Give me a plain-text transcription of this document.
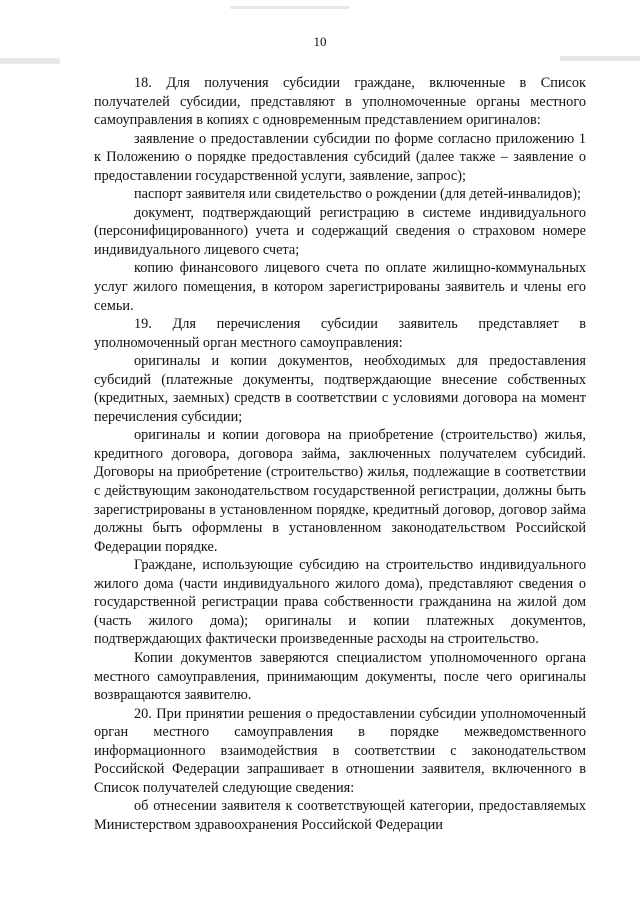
10

18. Для получения субсидии граждане, включенные в Список получателей субсидии, представляют в уполномоченные органы местного самоуправления в копиях с одновременным представлением оригиналов:

заявление о предоставлении субсидии по форме согласно приложению 1 к Положению о порядке предоставления субсидий (далее также – заявление о предоставлении государственной услуги, заявление, запрос);

паспорт заявителя или свидетельство о рождении (для детей-инвалидов);

документ, подтверждающий регистрацию в системе индивидуального (персонифицированного) учета и содержащий сведения о страховом номере индивидуального лицевого счета;

копию финансового лицевого счета по оплате жилищно-коммунальных услуг жилого помещения, в котором зарегистрированы заявитель и члены его семьи.

19. Для перечисления субсидии заявитель представляет в уполномоченный орган местного самоуправления:

оригиналы и копии документов, необходимых для предоставления субсидий (платежные документы, подтверждающие внесение собственных (кредитных, заемных) средств в соответствии с условиями договора на момент перечисления субсидии;

оригиналы и копии договора на приобретение (строительство) жилья, кредитного договора, договора займа, заключенных получателем субсидий. Договоры на приобретение (строительство) жилья, подлежащие в соответствии с действующим законодательством государственной регистрации, должны быть зарегистрированы в установленном порядке, кредитный договор, договор займа должны быть оформлены в установленном законодательством Российской Федерации порядке.

Граждане, использующие субсидию на строительство индивидуального жилого дома (части индивидуального жилого дома), представляют сведения о государственной регистрации права собственности гражданина на жилой дом (часть жилого дома); оригиналы и копии платежных документов, подтверждающих фактически произведенные расходы на строительство.

Копии документов заверяются специалистом уполномоченного органа местного самоуправления, принимающим документы, после чего оригиналы возвращаются заявителю.

20. При принятии решения о предоставлении субсидии уполномоченный орган местного самоуправления в порядке межведомственного информационного взаимодействия в соответствии с законодательством Российской Федерации запрашивает в отношении заявителя, включенного в Список получателей следующие сведения:

об отнесении заявителя к соответствующей категории, предоставляемых Министерством здравоохранения Российской Федерации
